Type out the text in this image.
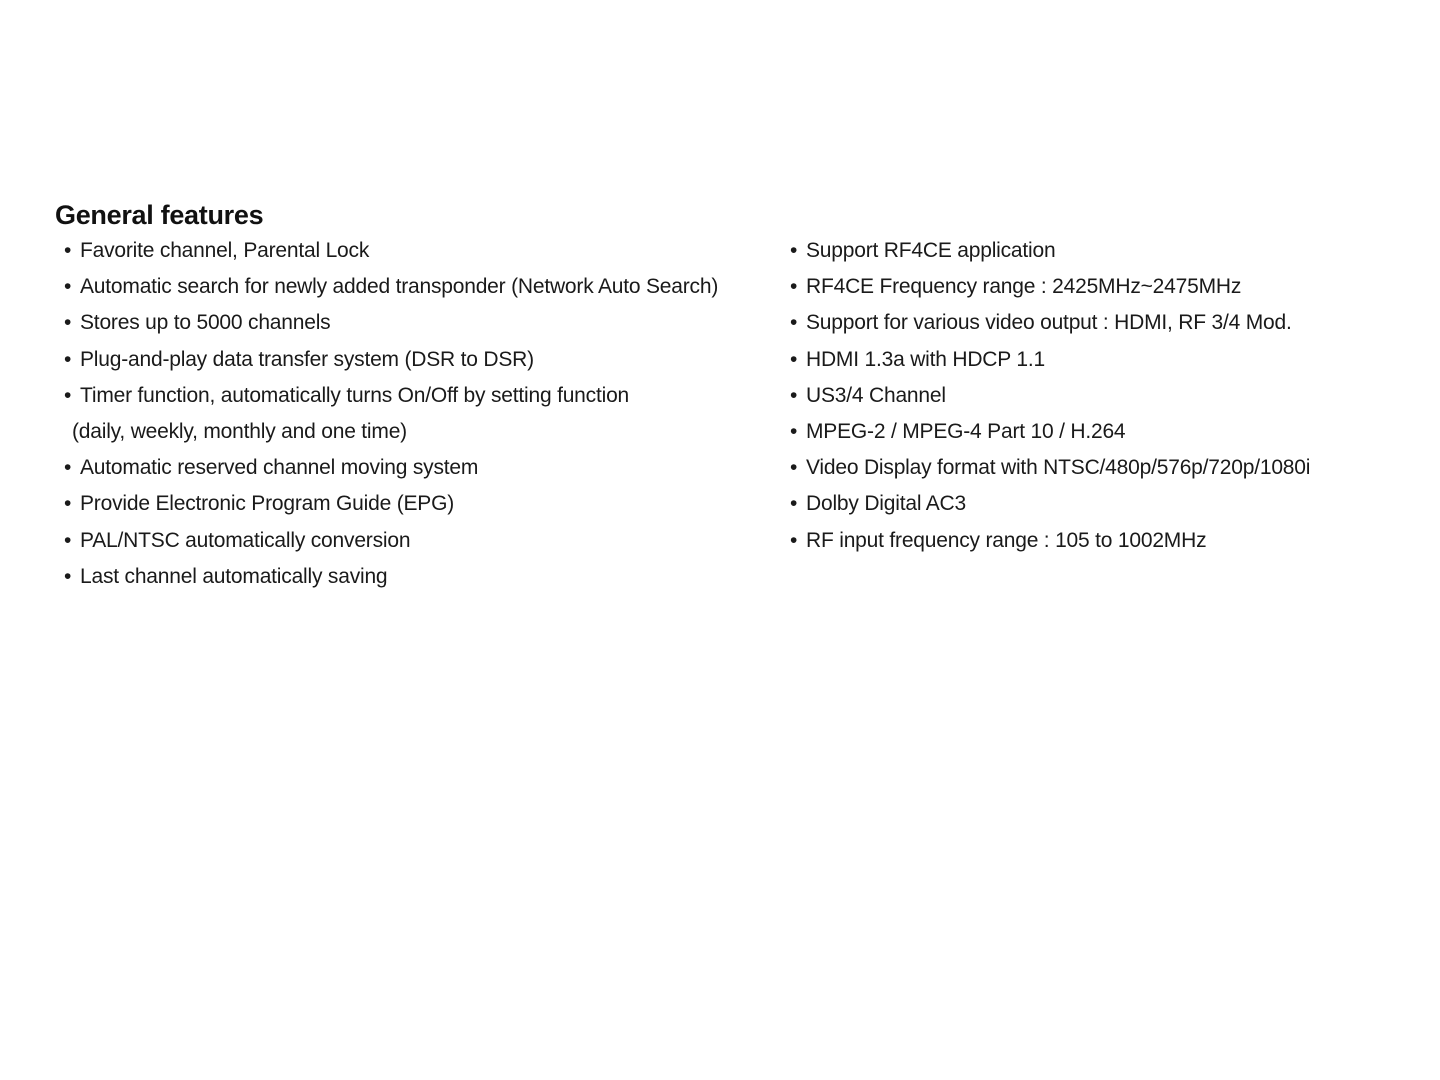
General features
• Favorite channel, Parental Lock
• Automatic search for newly added transponder (Network Auto Search)
• Stores up to 5000 channels
• Plug-and-play data transfer system (DSR to DSR)
• Timer function, automatically turns On/Off by setting function
(daily, weekly, monthly and one time)
• Automatic reserved channel moving system
• Provide Electronic Program Guide (EPG)
• PAL/NTSC automatically conversion
• Last channel automatically saving
• Support RF4CE application
• RF4CE Frequency range : 2425MHz~2475MHz
• Support for various video output : HDMI, RF 3/4 Mod.
• HDMI 1.3a with HDCP 1.1
• US3/4 Channel
• MPEG-2 / MPEG-4 Part 10 / H.264
• Video Display format with NTSC/480p/576p/720p/1080i
• Dolby Digital AC3
• RF input frequency range : 105 to 1002MHz
